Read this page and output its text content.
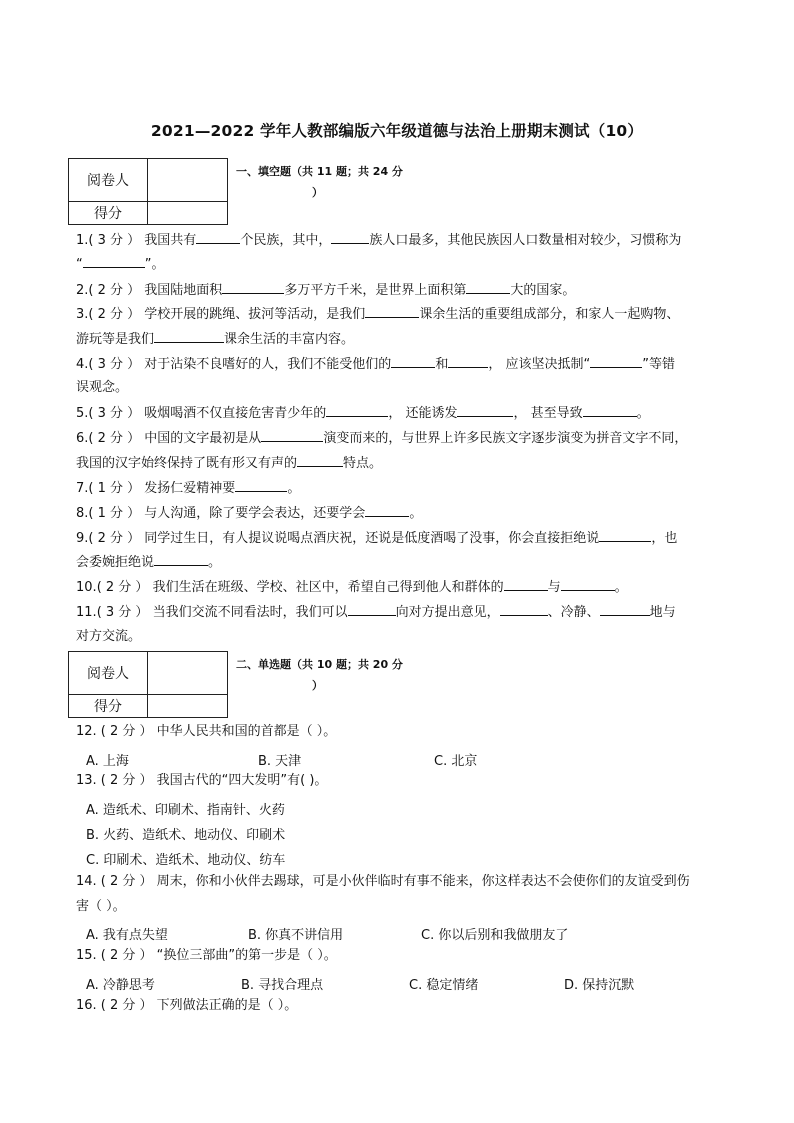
2021—2022 学年人教部编版六年级道德与法治上册期末测试（10）
阅卷人	
得分	
一、填空题（共 11 题；共 24 分
）
1.( 3 分 ） 我国共有	个民族，其中，	族人口最多，其他民族因人口数量相对较少，习惯称为
“	”。
2.( 2 分 ） 我国陆地面积	多万平方千米，是世界上面积第	大的国家。
3.( 2 分 ） 学校开展的跳绳、拔河等活动，是我们	课余生活的重要组成部分，和家人一起购物、
游玩等是我们	课余生活的丰富内容。
4.( 3 分 ） 对于沾染不良嗜好的人，我们不能受他们的	和	， 应该坚决抵制“	”等错
误观念。
5.( 3 分 ） 吸烟喝酒不仅直接危害青少年的	， 还能诱发	， 甚至导致	。
6.( 2 分 ） 中国的文字最初是从	演变而来的，与世界上许多民族文字逐步演变为拼音文字不同，
我国的汉字始终保持了既有形又有声的	特点。
7.( 1 分 ） 发扬仁爱精神要	。
8.( 1 分 ） 与人沟通，除了要学会表达，还要学会	。
9.( 2 分 ） 同学过生日，有人提议说喝点酒庆祝，还说是低度酒喝了没事，你会直接拒绝说	，也
会委婉拒绝说	。
10.( 2 分 ） 我们生活在班级、学校、社区中，希望自己得到他人和群体的	与	。
11.( 3 分 ） 当我们交流不同看法时，我们可以	向对方提出意见，	、冷静、	地与
对方交流。
阅卷人	
得分	
二、单选题（共 10 题；共 20 分
）
12. ( 2 分 ） 中华人民共和国的首都是（ ）。
A. 上海	B. 天津	C. 北京
13. ( 2 分 ） 我国古代的“四大发明”有( )。
A. 造纸术、印刷术、指南针、火药
B. 火药、造纸术、地动仪、印刷术
C. 印刷术、造纸术、地动仪、纺车
14. ( 2 分 ） 周末，你和小伙伴去踢球，可是小伙伴临时有事不能来，你这样表达不会使你们的友谊受到伤
害（ ）。
A. 我有点失望	B. 你真不讲信用	C. 你以后别和我做朋友了
15. ( 2 分 ） “换位三部曲”的第一步是（ ）。
A. 冷静思考	B. 寻找合理点	C. 稳定情绪	D. 保持沉默
16. ( 2 分 ） 下列做法正确的是（ ）。
